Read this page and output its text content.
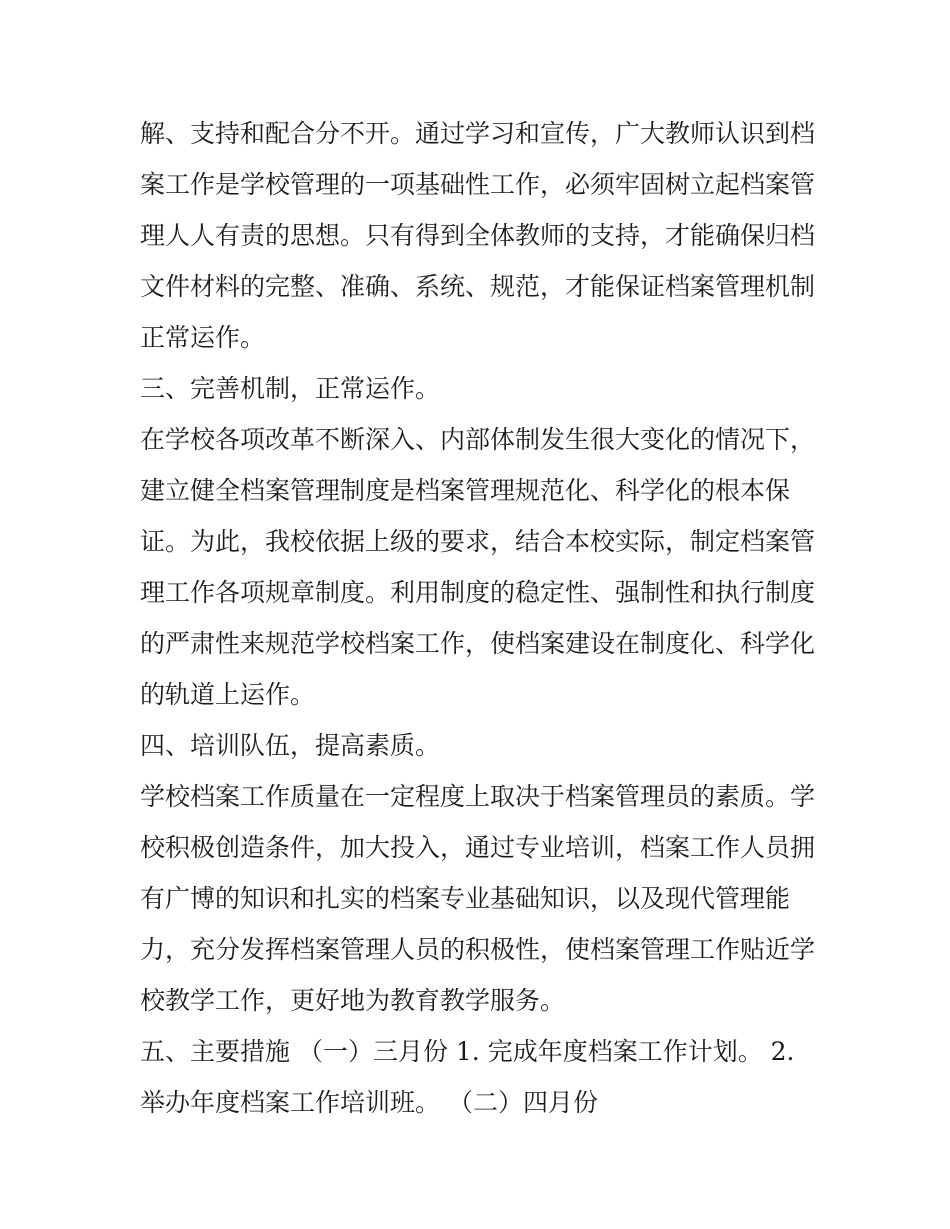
解、支持和配合分不开。通过学习和宣传，广大教师认识到档
案工作是学校管理的一项基础性工作，必须牢固树立起档案管
理人人有责的思想。只有得到全体教师的支持，才能确保归档
文件材料的完整、准确、系统、规范，才能保证档案管理机制
正常运作。
三、完善机制，正常运作。
在学校各项改革不断深入、内部体制发生很大变化的情况下，
建立健全档案管理制度是档案管理规范化、科学化的根本保
证。为此，我校依据上级的要求，结合本校实际，制定档案管
理工作各项规章制度。利用制度的稳定性、强制性和执行制度
的严肃性来规范学校档案工作，使档案建设在制度化、科学化
的轨道上运作。
四、培训队伍，提高素质。
学校档案工作质量在一定程度上取决于档案管理员的素质。学
校积极创造条件，加大投入，通过专业培训，档案工作人员拥
有广博的知识和扎实的档案专业基础知识，以及现代管理能
力，充分发挥档案管理人员的积极性，使档案管理工作贴近学
校教学工作，更好地为教育教学服务。
五、主要措施 （一）三月份 1. 完成年度档案工作计划。 2.
举办年度档案工作培训班。 （二）四月份
